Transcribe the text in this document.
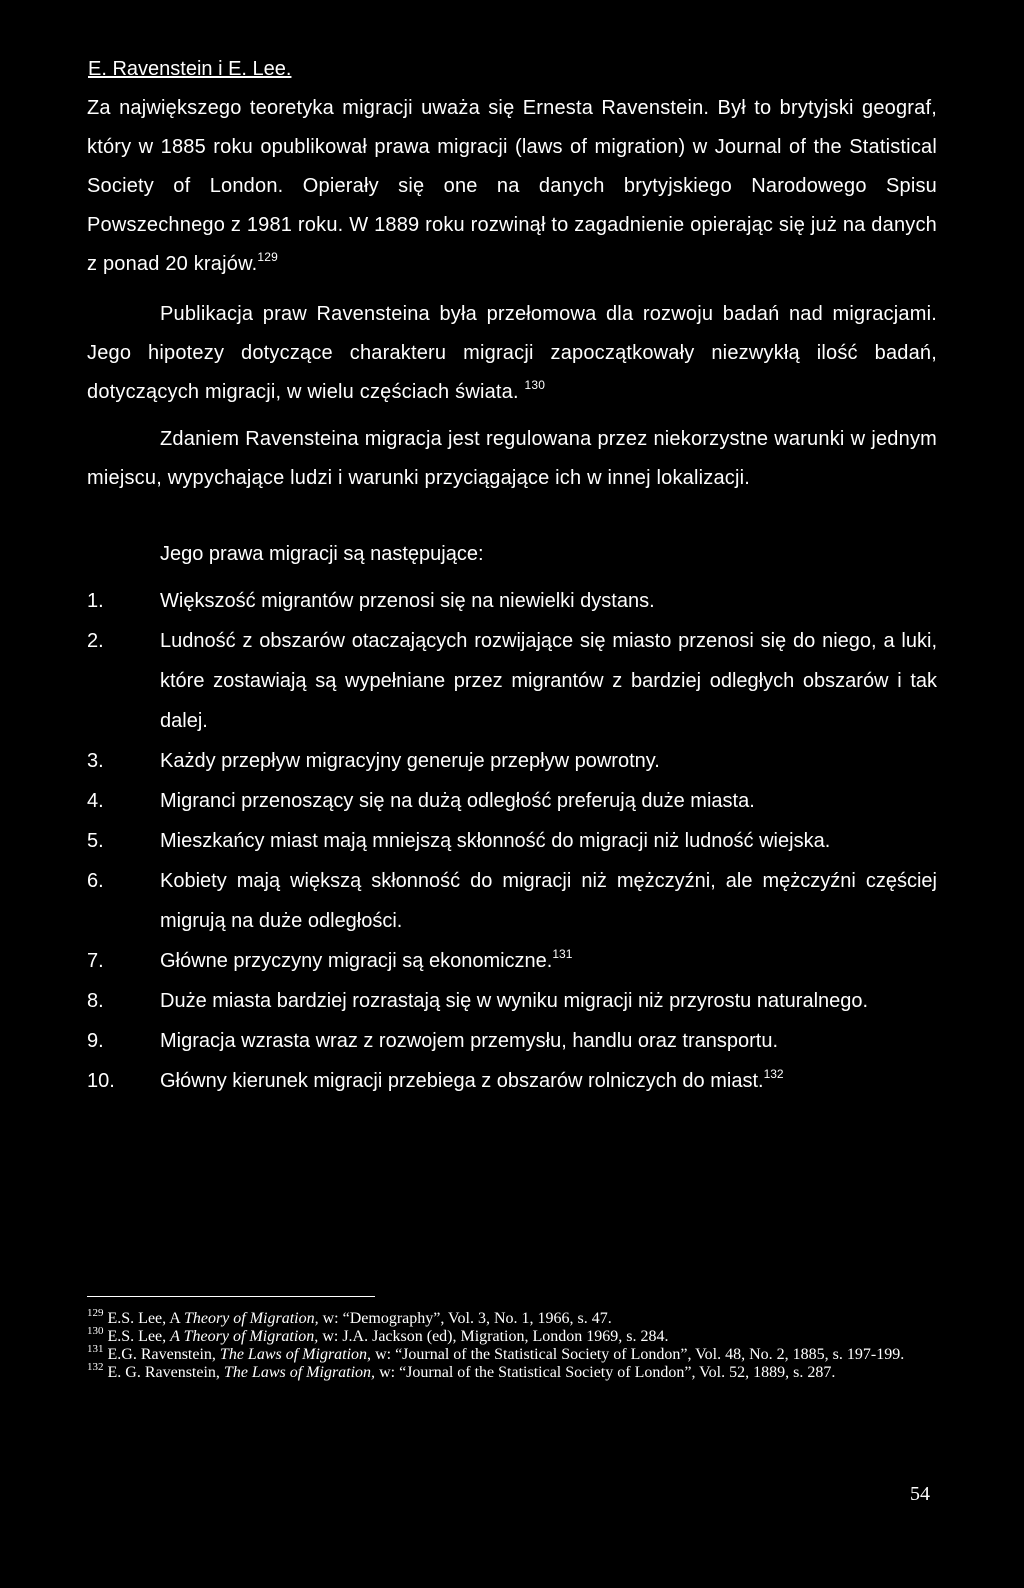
E. Ravenstein i E. Lee.

Za największego teoretyka migracji uważa się Ernesta Ravenstein. Był to brytyjski geograf, który w 1885 roku opublikował prawa migracji (laws of migration) w Journal of the Statistical Society of London. Opierały się one na danych brytyjskiego Narodowego Spisu Powszechnego z 1981 roku. W 1889 roku rozwinął to zagadnienie opierając się już na danych z ponad 20 krajów.$^{129}$

Publikacja praw Ravensteina była przełomowa dla rozwoju badań nad migracjami. Jego hipotezy dotyczące charakteru migracji zapoczątkowały niezwykłą ilość badań, dotyczących migracji, w wielu częściach świata. $^{130}$

Zdaniem Ravensteina migracja jest regulowana przez niekorzystne warunki w jednym miejscu, wypychające ludzi i warunki przyciągające ich w innej lokalizacji.

Jego prawa migracji są następujące:

1.	Większość migrantów przenosi się na niewielki dystans.
2.	Ludność z obszarów otaczających rozwijające się miasto przenosi się do niego, a luki, które zostawiają są wypełniane przez migrantów z bardziej odległych obszarów i tak dalej.
3.	Każdy przepływ migracyjny generuje przepływ powrotny.
4.	Migranci przenoszący się na dużą odległość preferują duże miasta.
5.	Mieszkańcy miast mają mniejszą skłonność do migracji niż ludność wiejska.
6.	Kobiety mają większą skłonność do migracji niż mężczyźni, ale mężczyźni częściej migrują na duże odległości.
7.	Główne przyczyny migracji są ekonomiczne.$^{131}$
8.	Duże miasta bardziej rozrastają się w wyniku migracji niż przyrostu naturalnego.
9.	Migracja wzrasta wraz z rozwojem przemysłu, handlu oraz transportu.
10.	Główny kierunek migracji przebiega z obszarów rolniczych do miast.$^{132}$
$^{129}$ E.S. Lee, A Theory of Migration, w: “Demography”, Vol. 3, No. 1, 1966, s. 47.
$^{130}$ E.S. Lee, A Theory of Migration, w: J.A. Jackson (ed), Migration, London 1969, s. 284.
$^{131}$ E.G. Ravenstein, The Laws of Migration, w: “Journal of the Statistical Society of London”, Vol. 48, No. 2, 1885, s. 197-199.
$^{132}$ E. G. Ravenstein, The Laws of Migration, w: “Journal of the Statistical Society of London”, Vol. 52, 1889, s. 287.
54
